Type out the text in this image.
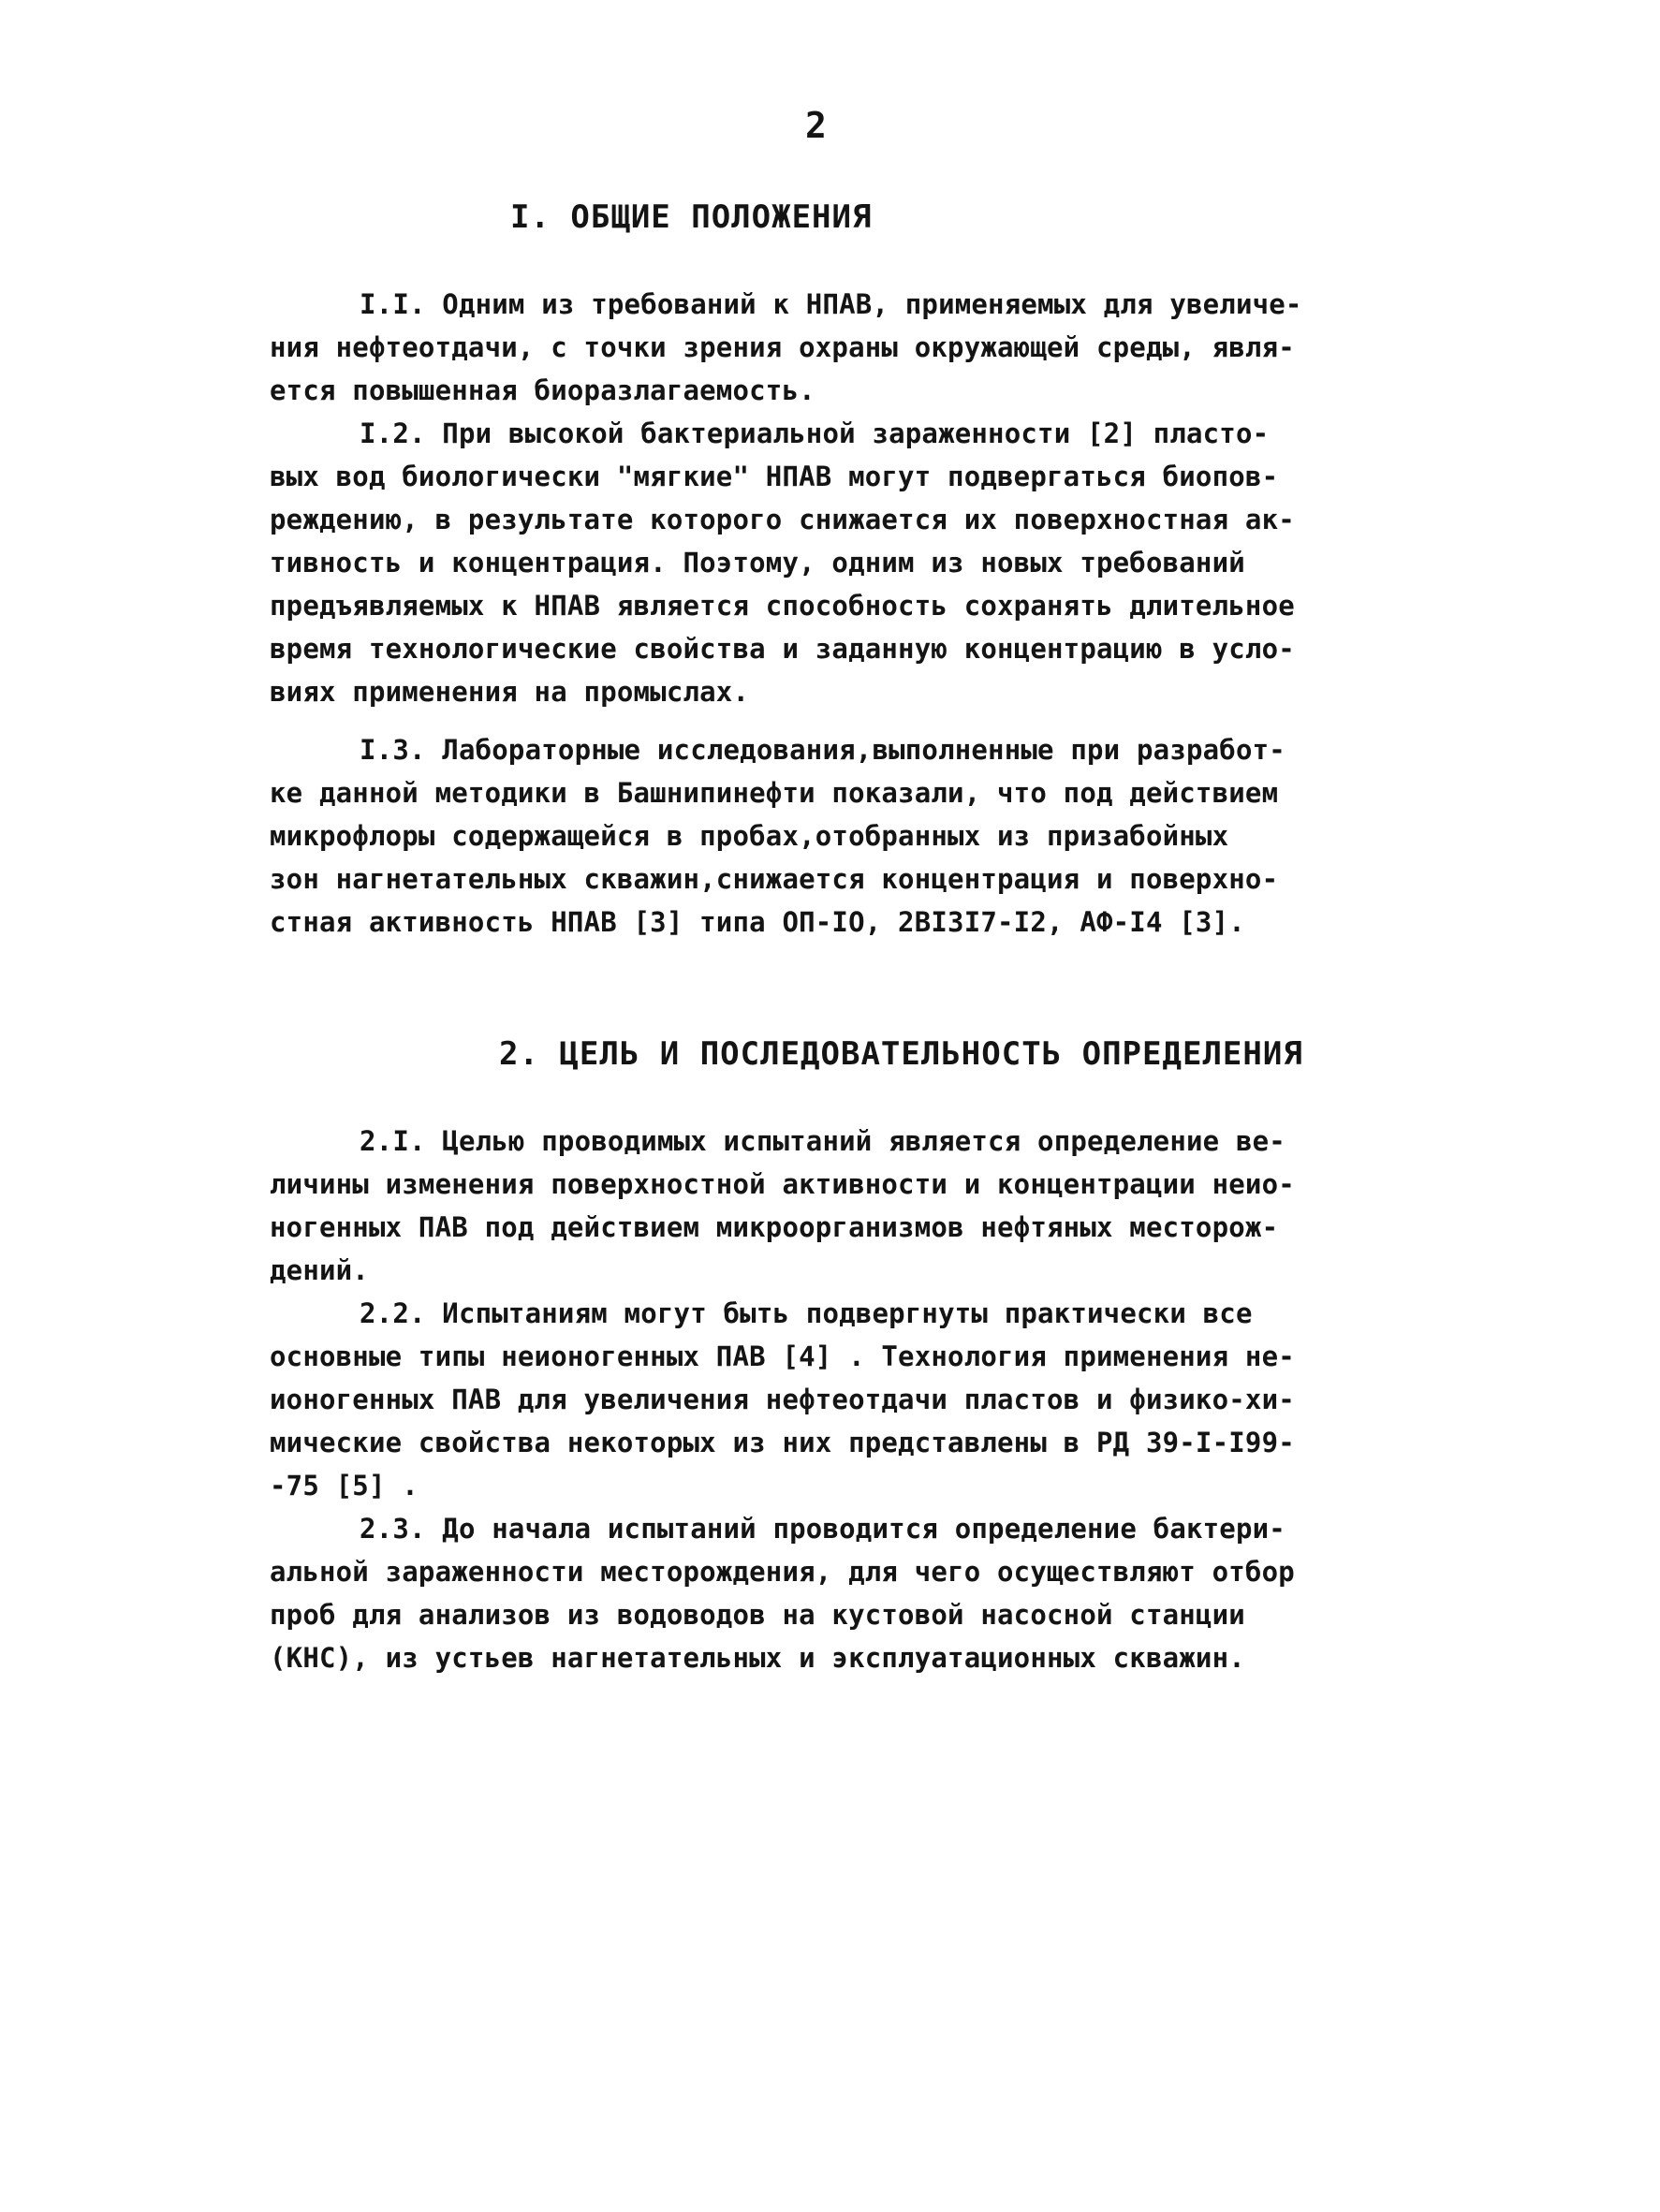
2
I. ОБЩИЕ ПОЛОЖЕНИЯ
I.I. Одним из требований к НПАВ, применяемых для увеличе-
ния нефтеотдачи, с точки зрения охраны окружающей среды, явля-
ется повышенная биоразлагаемость.
I.2. При высокой бактериальной зараженности [2] пласто-
вых вод биологически "мягкие" НПАВ могут подвергаться биопов-
реждению, в результате которого снижается их поверхностная ак-
тивность и концентрация. Поэтому, одним из новых требований
предъявляемых к НПАВ является способность сохранять длительное
время технологические свойства и заданную концентрацию в усло-
виях применения на промыслах.
I.3. Лабораторные исследования,выполненные при разработ-
ке данной методики в Башнипинефти показали, что под действием
микрофлоры содержащейся в пробах,отобранных из призабойных
зон нагнетательных скважин,снижается концентрация и поверхно-
стная активность НПАВ [3] типа ОП-IO, 2BI3I7-I2, АФ-I4 [3].
2. ЦЕЛЬ И ПОСЛЕДОВАТЕЛЬНОСТЬ ОПРЕДЕЛЕНИЯ
2.I. Целью проводимых испытаний является определение ве-
личины изменения поверхностной активности и концентрации неио-
ногенных ПАВ под действием микроорганизмов нефтяных месторож-
дений.
2.2. Испытаниям могут быть подвергнуты практически все
основные типы неионогенных ПАВ [4] . Технология применения не-
ионогенных ПАВ для увеличения нефтеотдачи пластов и физико-хи-
мические свойства некоторых из них представлены в РД 39-I-I99-
-75 [5] .
2.3. До начала испытаний проводится определение бактери-
альной зараженности месторождения, для чего осуществляют отбор
проб для анализов из водоводов на кустовой насосной станции
(КНС), из устьев нагнетательных и эксплуатационных скважин.
